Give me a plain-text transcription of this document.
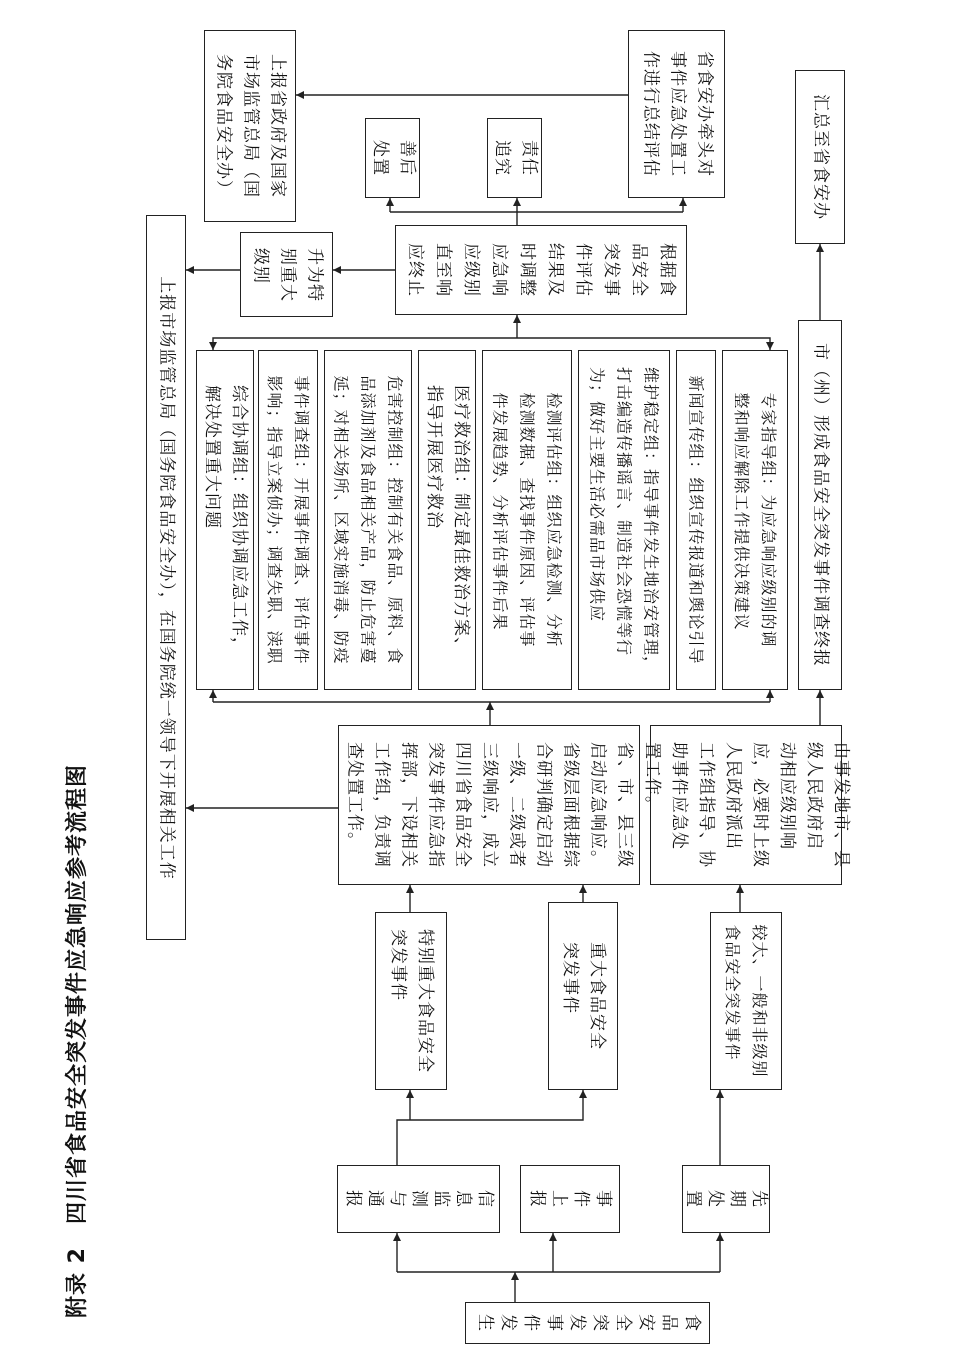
附录 2　四川省食品安全突发事件应急响应参考流程图
食
品
安
全
突
发
事
件
发
生
信
息
监
测
与
通
报	事
件
上
报	先
期
处
置
特别重大食品安全
突发事件	重大食品安全
突发事件	较大、一般和非级别
食品安全突发事件
省、市、县三级
启动应急响应。
省级层面根据综
合研判确定启动
一级、二级或者
三级响应，成立
四川省食品安全
突发事件应急指
挥部，下设相关
工作组，负责调
查处置工作。	由事发地市、县
级人民政府启
动相应级别响
应，必要时上级
人民政府派出
工作组指导、协
助事件应急处
置工作。
上报市场监管总局（国务院食品安全办），在国务院统一领导下开展相关工作	综合协调组：组织协调应急工作，
解决处置重大问题	事件调查组：开展事件调查、评估事件
影响；指导立案侦办；调查失职、渎职	危害控制组：控制有关食品、原料、食
品添加剂及食品相关产品，防止危害蔓
延；对相关场所、区域实施消毒、防疫	医疗救治组：制定最佳救治方案、
指导开展医疗救治	检测评估组：组织应急检测、分析
检测数据、查找事件原因、评估事
件发展趋势、分析评估事件后果	维护稳定组：指导事件发生地治安管理，
打击编造传播谣言、制造社会恐慌等行
为；做好主要生活必需品市场供应	新闻宣传组：组织宣传报道和舆论引导	专家指导组：为应急响应级别的调
整和响应解除工作提供决策建议	市（州）形成食品安全突发事件调查终报
根据食
品安全
突发事
件评估
结果及
时调整
应急响
应级别
直至响
应终止
升为特
别重大
级别
善后
处置	责任
追究	省食安办牵头对
事件应急处置工
作进行总结评估
上报省政府及国家
市场监管总局（国
务院食品安全办）	汇总至省食安办
